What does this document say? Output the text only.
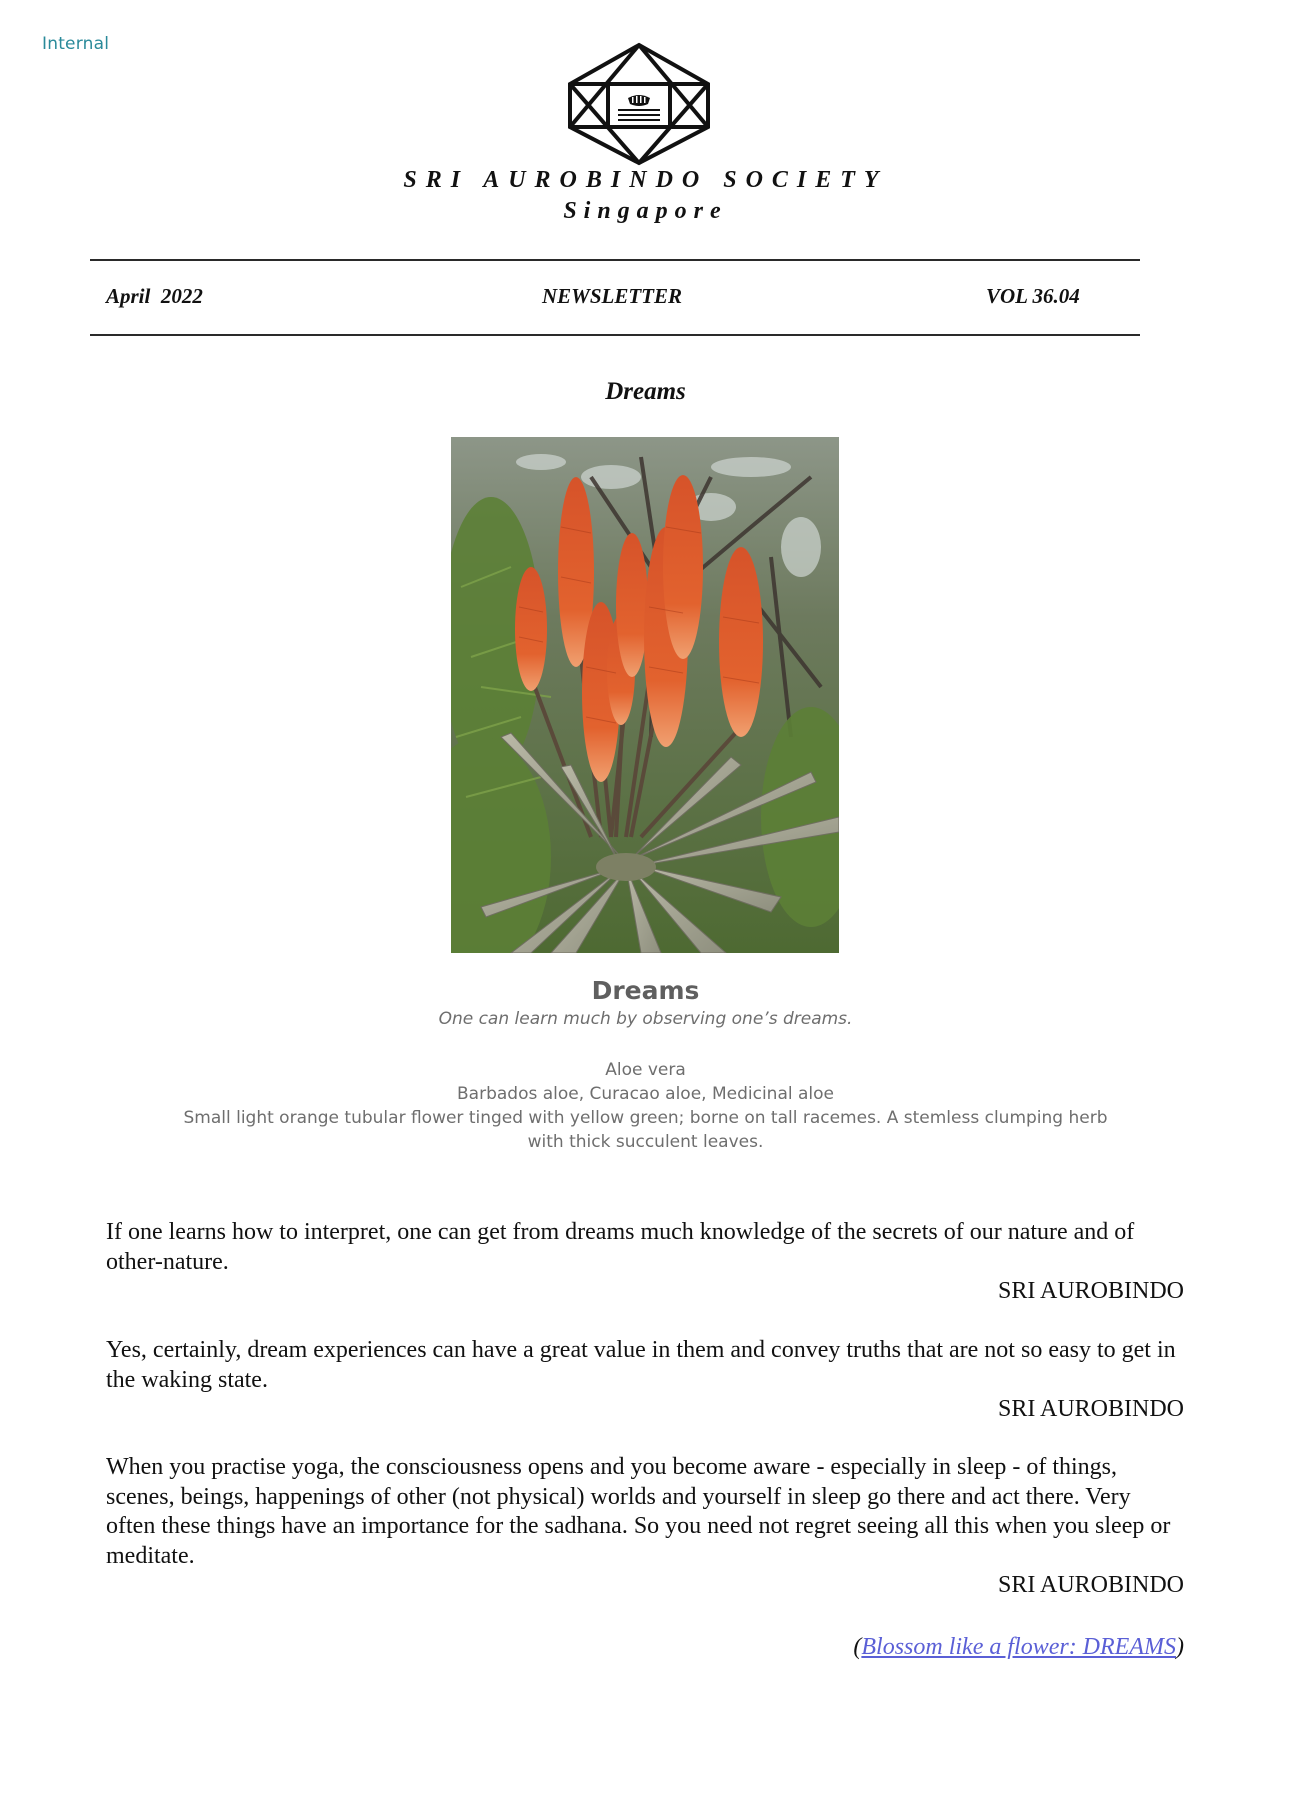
Internal
SRI AUROBINDO SOCIETY
Singapore
April  2022	NEWSLETTER	VOL 36.04
Dreams
Dreams
One can learn much by observing one’s dreams.
Aloe vera
Barbados aloe, Curacao aloe, Medicinal aloe
Small light orange tubular flower tinged with yellow green; borne on tall racemes. A stemless clumping herb
with thick succulent leaves.

If one learns how to interpret, one can get from dreams much knowledge of the secrets of our nature and of other-nature.

SRI AUROBINDO

Yes, certainly, dream experiences can have a great value in them and convey truths that are not so easy to get in the waking state.

SRI AUROBINDO

When you practise yoga, the consciousness opens and you become aware - especially in sleep - of things, scenes, beings, happenings of other (not physical) worlds and yourself in sleep go there and act there. Very often these things have an importance for the sadhana. So you need not regret seeing all this when you sleep or meditate.

SRI AUROBINDO

(Blossom like a flower: DREAMS)
